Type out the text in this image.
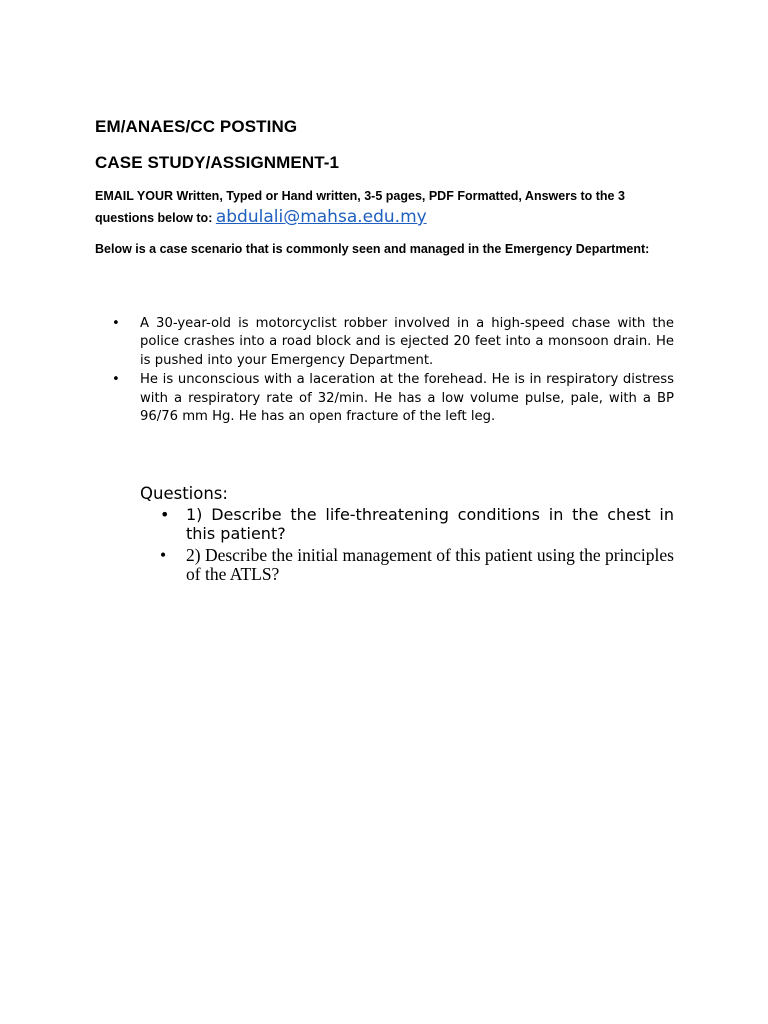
EM/ANAES/CC POSTING
CASE STUDY/ASSIGNMENT-1
EMAIL YOUR Written, Typed or Hand written, 3-5 pages, PDF Formatted, Answers to the 3 questions below to: abdulali@mahsa.edu.my
Below is a case scenario that is commonly seen and managed in the Emergency Department:
• A 30-year-old is motorcyclist robber involved in a high-speed chase with the police crashes into a road block and is ejected 20 feet into a monsoon drain. He is pushed into your Emergency Department.
• He is unconscious with a laceration at the forehead. He is in respiratory distress with a respiratory rate of 32/min. He has a low volume pulse, pale, with a BP 96/76 mm Hg. He has an open fracture of the left leg.
Questions:
• 1) Describe the life-threatening conditions in the chest in this patient?
• 2) Describe the initial management of this patient using the principles of the ATLS?
